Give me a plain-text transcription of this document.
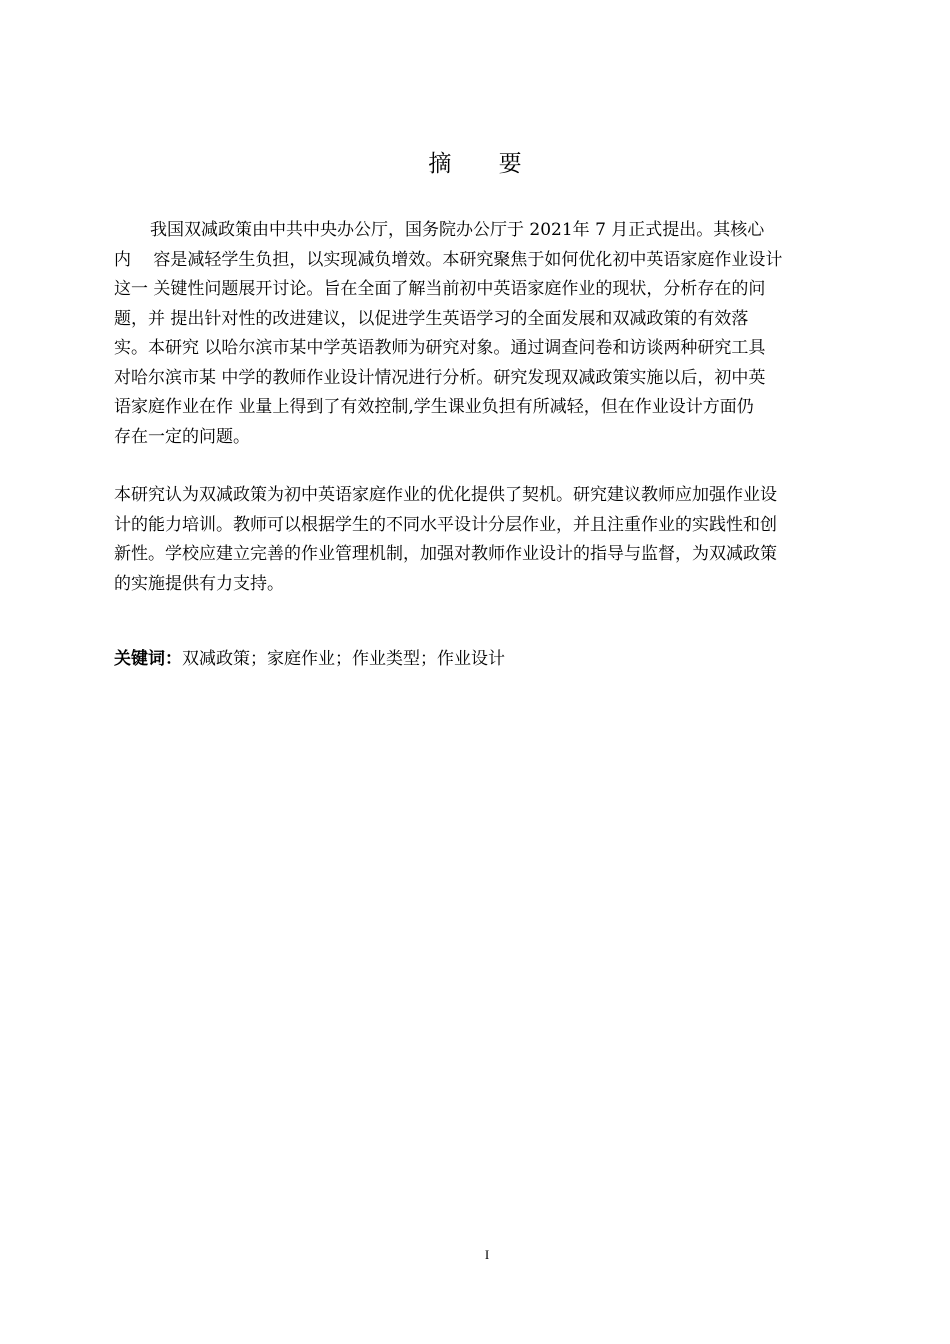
摘 要
我国双减政策由中共中央办公厅，国务院办公厅于 2021年 7 月正式提出。其核心
内　 容是减轻学生负担，以实现减负增效。本研究聚焦于如何优化初中英语家庭作业设计
这一 关键性问题展开讨论。旨在全面了解当前初中英语家庭作业的现状，分析存在的问
题，并 提出针对性的改进建议，以促进学生英语学习的全面发展和双减政策的有效落
实。本研究 以哈尔滨市某中学英语教师为研究对象。通过调查问卷和访谈两种研究工具
对哈尔滨市某 中学的教师作业设计情况进行分析。研究发现双减政策实施以后，初中英
语家庭作业在作 业量上得到了有效控制,学生课业负担有所减轻，但在作业设计方面仍
存在一定的问题。
本研究认为双减政策为初中英语家庭作业的优化提供了契机。研究建议教师应加强作业设
计的能力培训。教师可以根据学生的不同水平设计分层作业，并且注重作业的实践性和创
新性。学校应建立完善的作业管理机制，加强对教师作业设计的指导与监督，为双减政策
的实施提供有力支持。
关键词：双减政策；家庭作业；作业类型；作业设计
I
